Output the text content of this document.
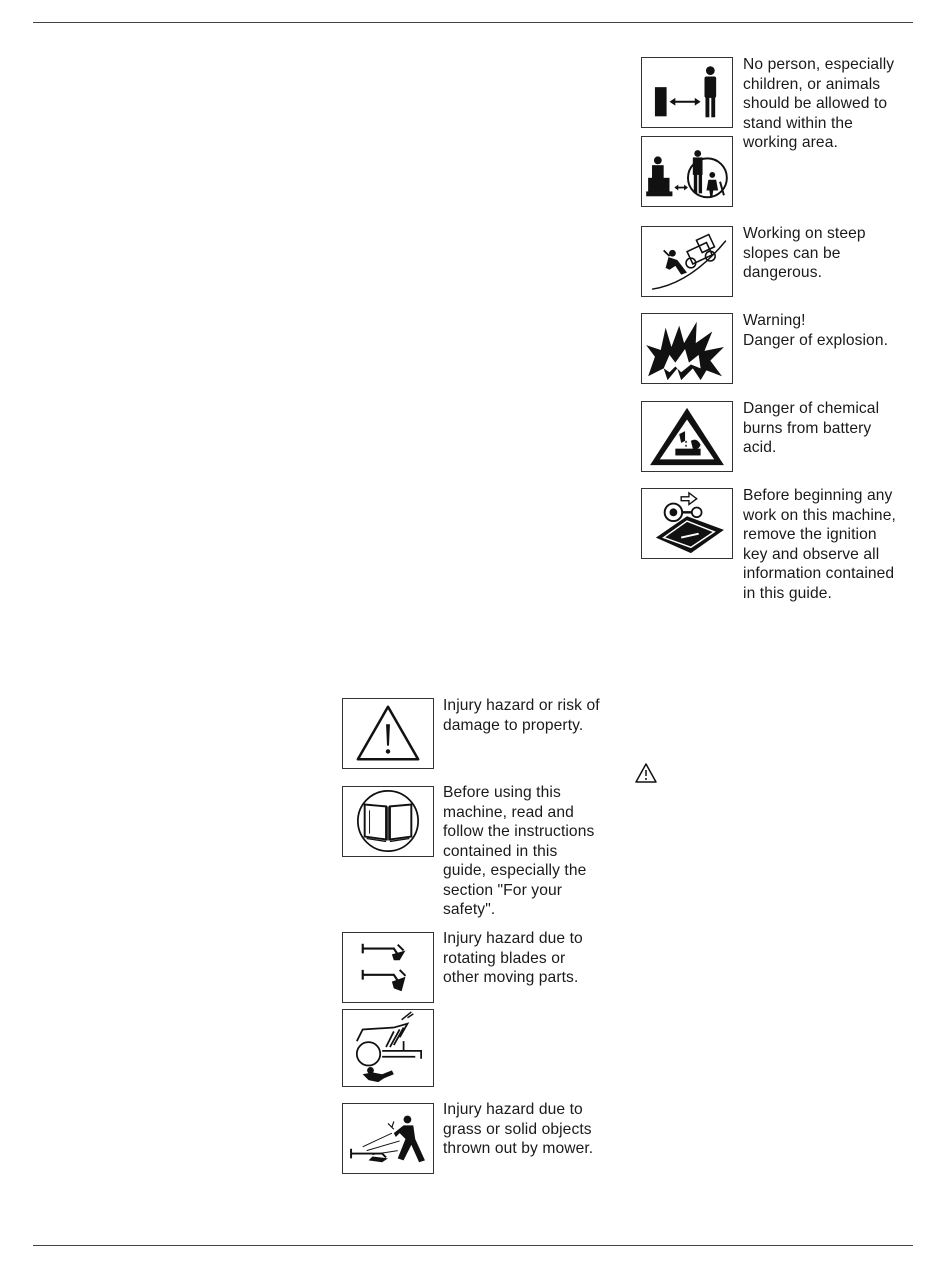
No person, especially
children, or animals
should be allowed to
stand within the
working area.

Working on steep
slopes can be
dangerous.

Warning!
Danger of explosion.

Danger of chemical
burns from battery
acid.

Before beginning any
work on this machine,
remove the ignition
key and observe all
information contained
in this guide.

Injury hazard or risk of
damage to property.

Before using this
machine, read and
follow the instructions
contained in this
guide, especially the
section "For your
safety".

Injury hazard due to
rotating blades or
other moving parts.

Injury hazard due to
grass or solid objects
thrown out by mower.
